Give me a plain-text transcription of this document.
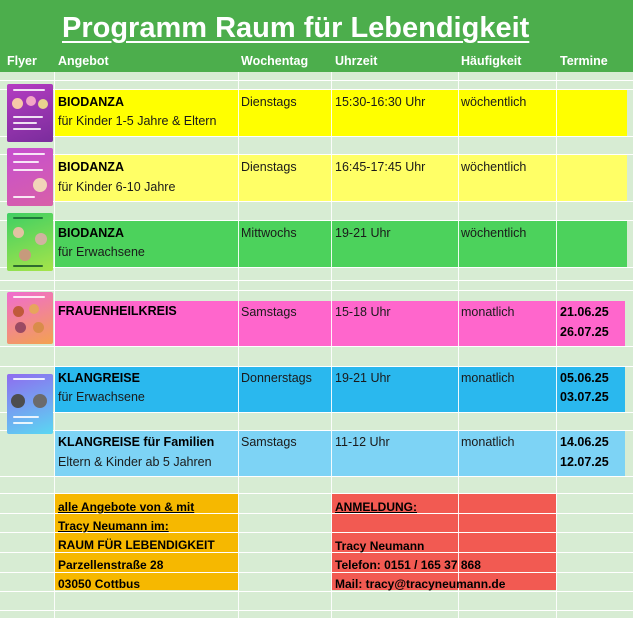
Programm Raum für Lebendigkeit
Flyer Angebot	Wochentag Uhrzeit	Häufigkeit	Termine
BIODANZA
für Kinder 1-5 Jahre & Eltern
Dienstags	15:30-16:30 Uhr	wöchentlich
BIODANZA
für Kinder 6-10 Jahre
Dienstags	16:45-17:45 Uhr	wöchentlich
BIODANZA
für Erwachsene
Mittwochs	19-21 Uhr	wöchentlich
FRAUENHEILKREIS	Samstags	15-18 Uhr	monatlich	21.06.25
26.07.25
KLANGREISE
für Erwachsene
Donnerstags 19-21 Uhr	monatlich	05.06.25
03.07.25
KLANGREISE für Familien
Eltern & Kinder ab 5 Jahren
Samstags	11-12 Uhr	monatlich	14.06.25
12.07.25
alle Angebote von & mit
Tracy Neumann im:
RAUM FÜR LEBENDIGKEIT
Parzellenstraße 28
03050 Cottbus
ANMELDUNG:
Tracy Neumann
Telefon: 0151 / 165 37 868
Mail: tracy@tracyneumann.de
